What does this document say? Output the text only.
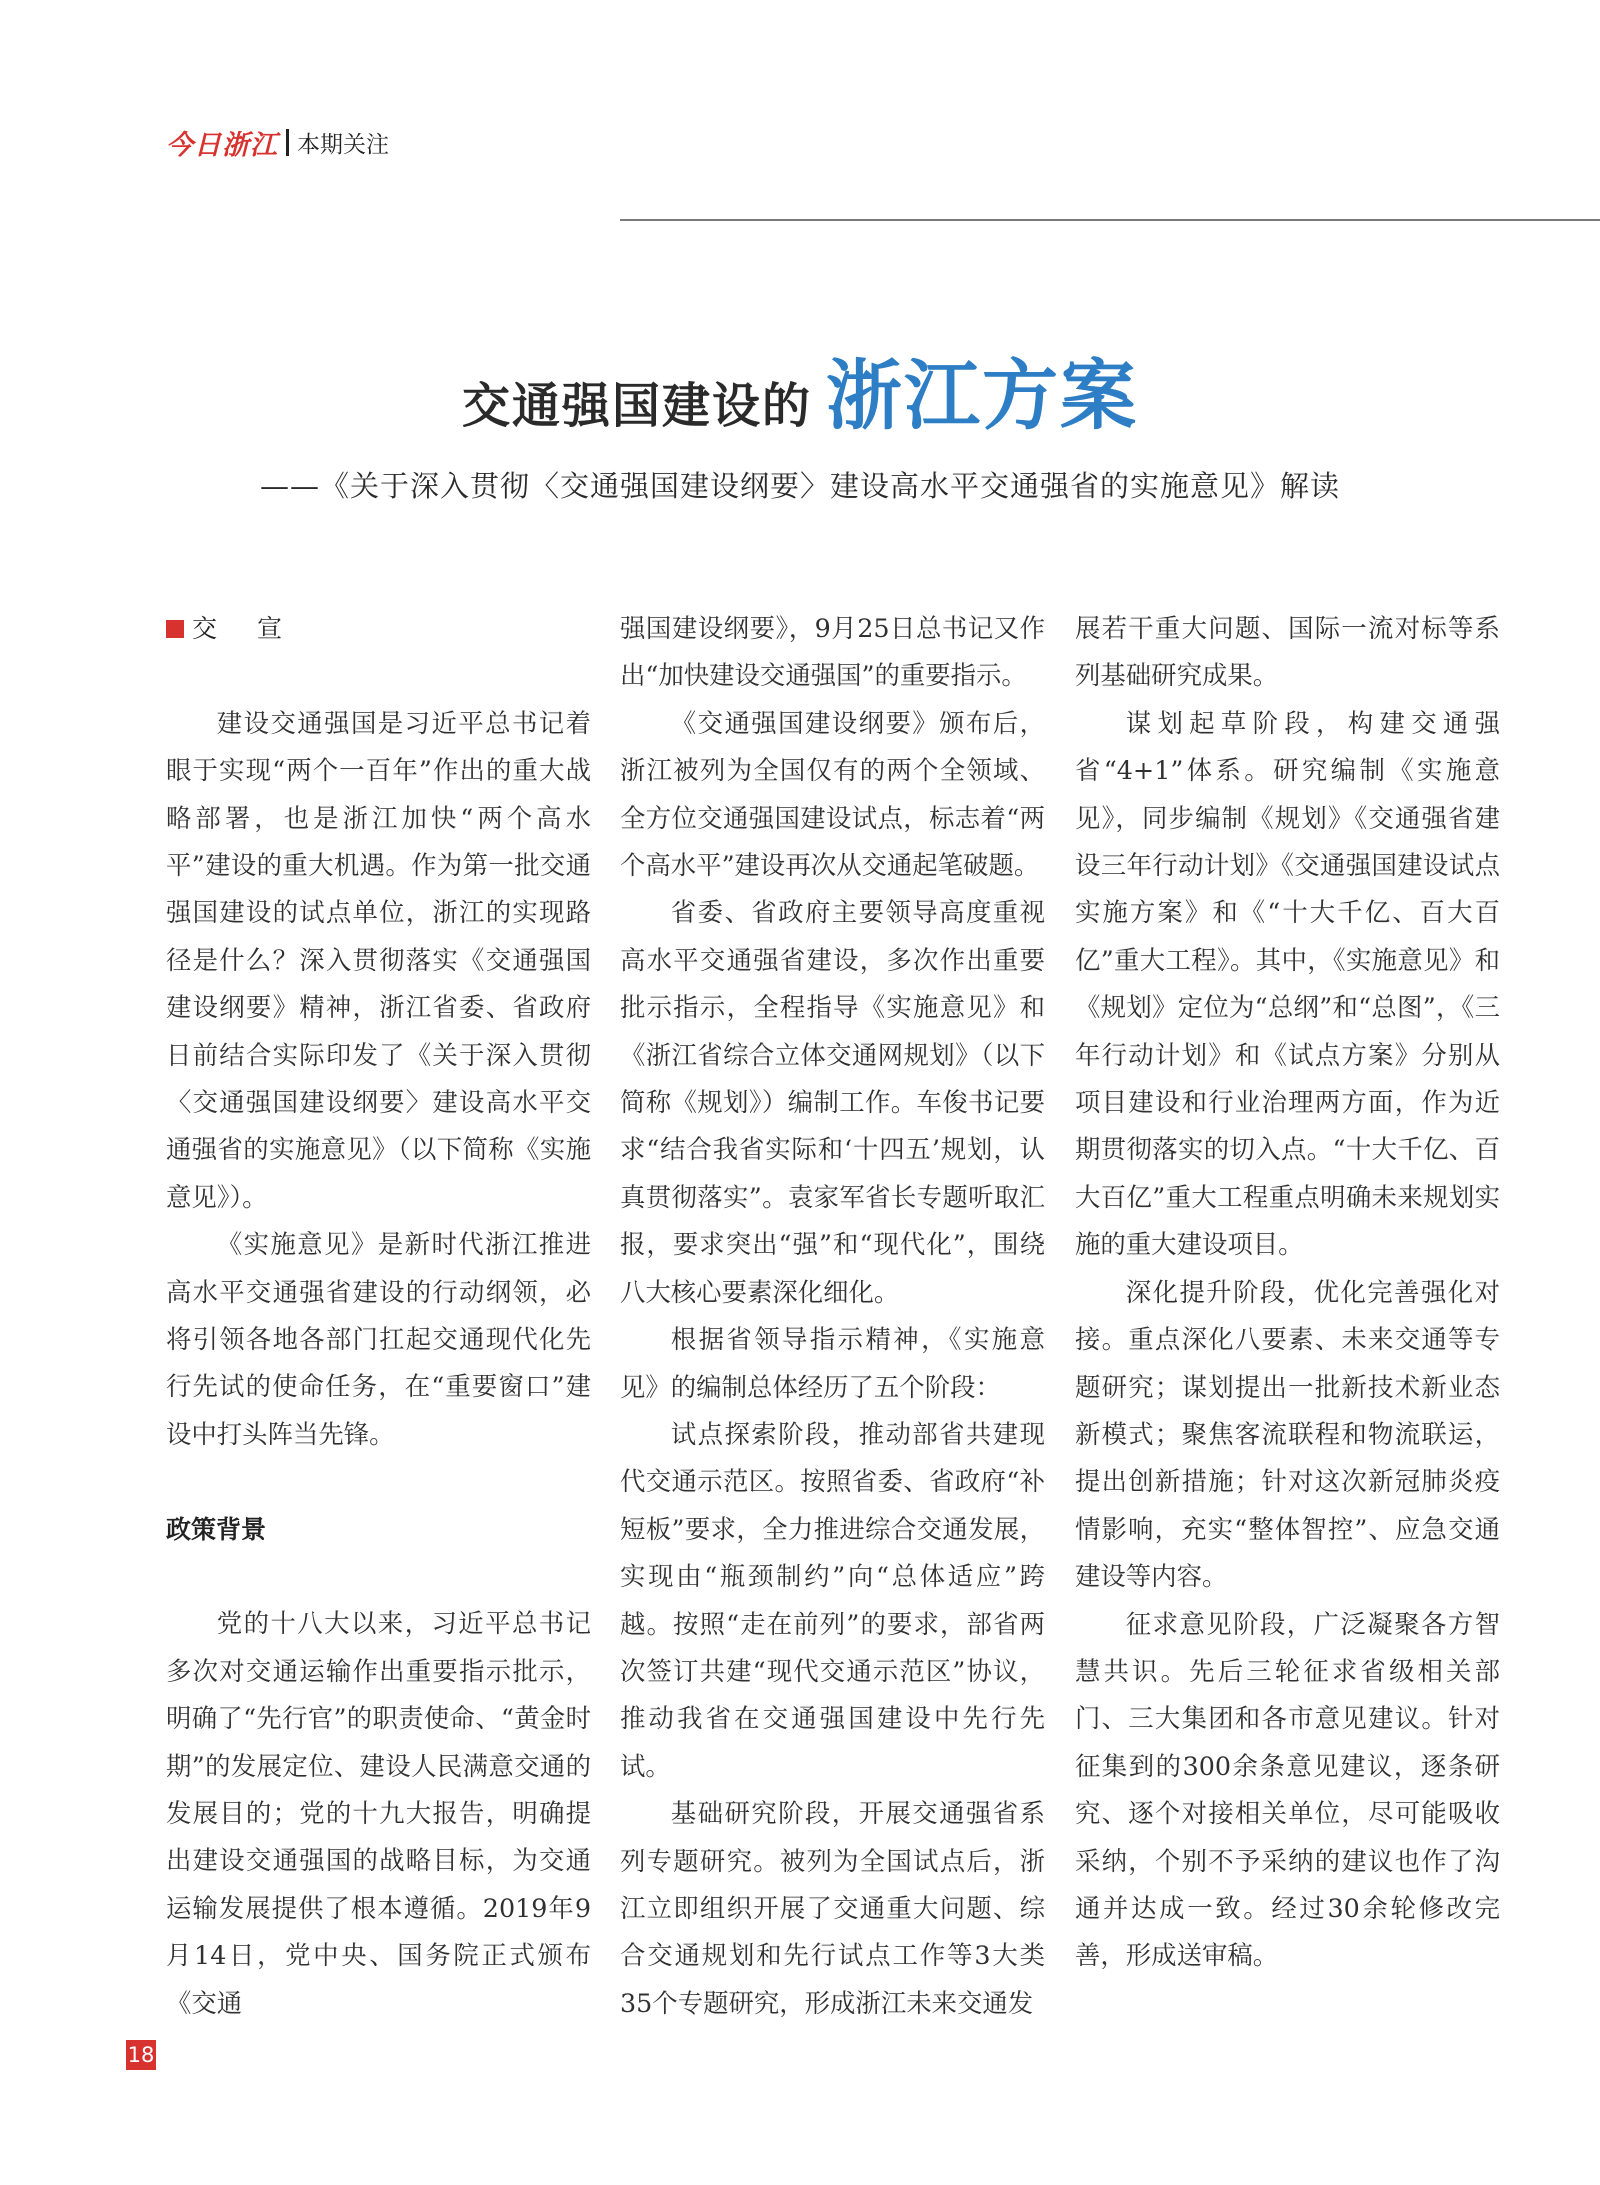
今日浙江 本期关注
交通强国建设的 浙江方案
——《关于深入贯彻〈交通强国建设纲要〉建设高水平交通强省的实施意见》解读
交 宣

建设交通强国是习近平总书记着眼于实现“两个一百年”作出的重大战略部署，也是浙江加快“两个高水平”建设的重大机遇。作为第一批交通强国建设的试点单位，浙江的实现路径是什么？深入贯彻落实《交通强国建设纲要》精神，浙江省委、省政府日前结合实际印发了《关于深入贯彻〈交通强国建设纲要〉建设高水平交通强省的实施意见》（以下简称《实施意见》）。

《实施意见》是新时代浙江推进高水平交通强省建设的行动纲领，必将引领各地各部门扛起交通现代化先行先试的使命任务，在“重要窗口”建设中打头阵当先锋。

政策背景

党的十八大以来，习近平总书记多次对交通运输作出重要指示批示，明确了“先行官”的职责使命、“黄金时期”的发展定位、建设人民满意交通的发展目的；党的十九大报告，明确提出建设交通强国的战略目标，为交通运输发展提供了根本遵循。2019年9月14日，党中央、国务院正式颁布《交通

强国建设纲要》，9月25日总书记又作出“加快建设交通强国”的重要指示。

《交通强国建设纲要》颁布后，浙江被列为全国仅有的两个全领域、全方位交通强国建设试点，标志着“两个高水平”建设再次从交通起笔破题。

省委、省政府主要领导高度重视高水平交通强省建设，多次作出重要批示指示，全程指导《实施意见》和《浙江省综合立体交通网规划》（以下简称《规划》）编制工作。车俊书记要求“结合我省实际和‘十四五’规划，认真贯彻落实”。袁家军省长专题听取汇报，要求突出“强”和“现代化”，围绕八大核心要素深化细化。

根据省领导指示精神，《实施意见》的编制总体经历了五个阶段：

试点探索阶段，推动部省共建现代交通示范区。按照省委、省政府“补短板”要求，全力推进综合交通发展，实现由“瓶颈制约”向“总体适应”跨越。按照“走在前列”的要求，部省两次签订共建“现代交通示范区”协议，推动我省在交通强国建设中先行先试。

基础研究阶段，开展交通强省系列专题研究。被列为全国试点后，浙江立即组织开展了交通重大问题、综合交通规划和先行试点工作等3大类35个专题研究，形成浙江未来交通发

展若干重大问题、国际一流对标等系列基础研究成果。

谋划起草阶段，构建交通强省“4+1”体系。研究编制《实施意见》，同步编制《规划》《交通强省建设三年行动计划》《交通强国建设试点实施方案》和《“十大千亿、百大百亿”重大工程》。其中，《实施意见》和《规划》定位为“总纲”和“总图”，《三年行动计划》和《试点方案》分别从项目建设和行业治理两方面，作为近期贯彻落实的切入点。“十大千亿、百大百亿”重大工程重点明确未来规划实施的重大建设项目。

深化提升阶段，优化完善强化对接。重点深化八要素、未来交通等专题研究；谋划提出一批新技术新业态新模式；聚焦客流联程和物流联运，提出创新措施；针对这次新冠肺炎疫情影响，充实“整体智控”、应急交通建设等内容。

征求意见阶段，广泛凝聚各方智慧共识。先后三轮征求省级相关部门、三大集团和各市意见建议。针对征集到的300余条意见建议，逐条研究、逐个对接相关单位，尽可能吸收采纳，个别不予采纳的建议也作了沟通并达成一致。经过30余轮修改完善，形成送审稿。

18
